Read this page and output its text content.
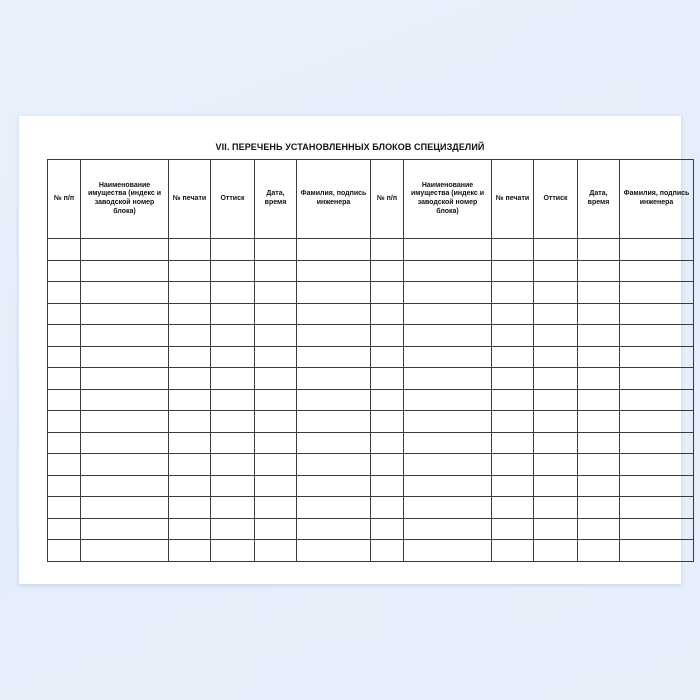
VII. ПЕРЕЧЕНЬ УСТАНОВЛЕННЫХ БЛОКОВ СПЕЦИЗДЕЛИЙ
№ п/п	Наименование имущества (индекс и заводской номер блока)	№ печати	Оттиск	Дата, время	Фамилия, подпись инженера	№ п/п	Наименование имущества (индекс и заводской номер блока)	№ печати	Оттиск	Дата, время	Фамилия, подпись инженера
